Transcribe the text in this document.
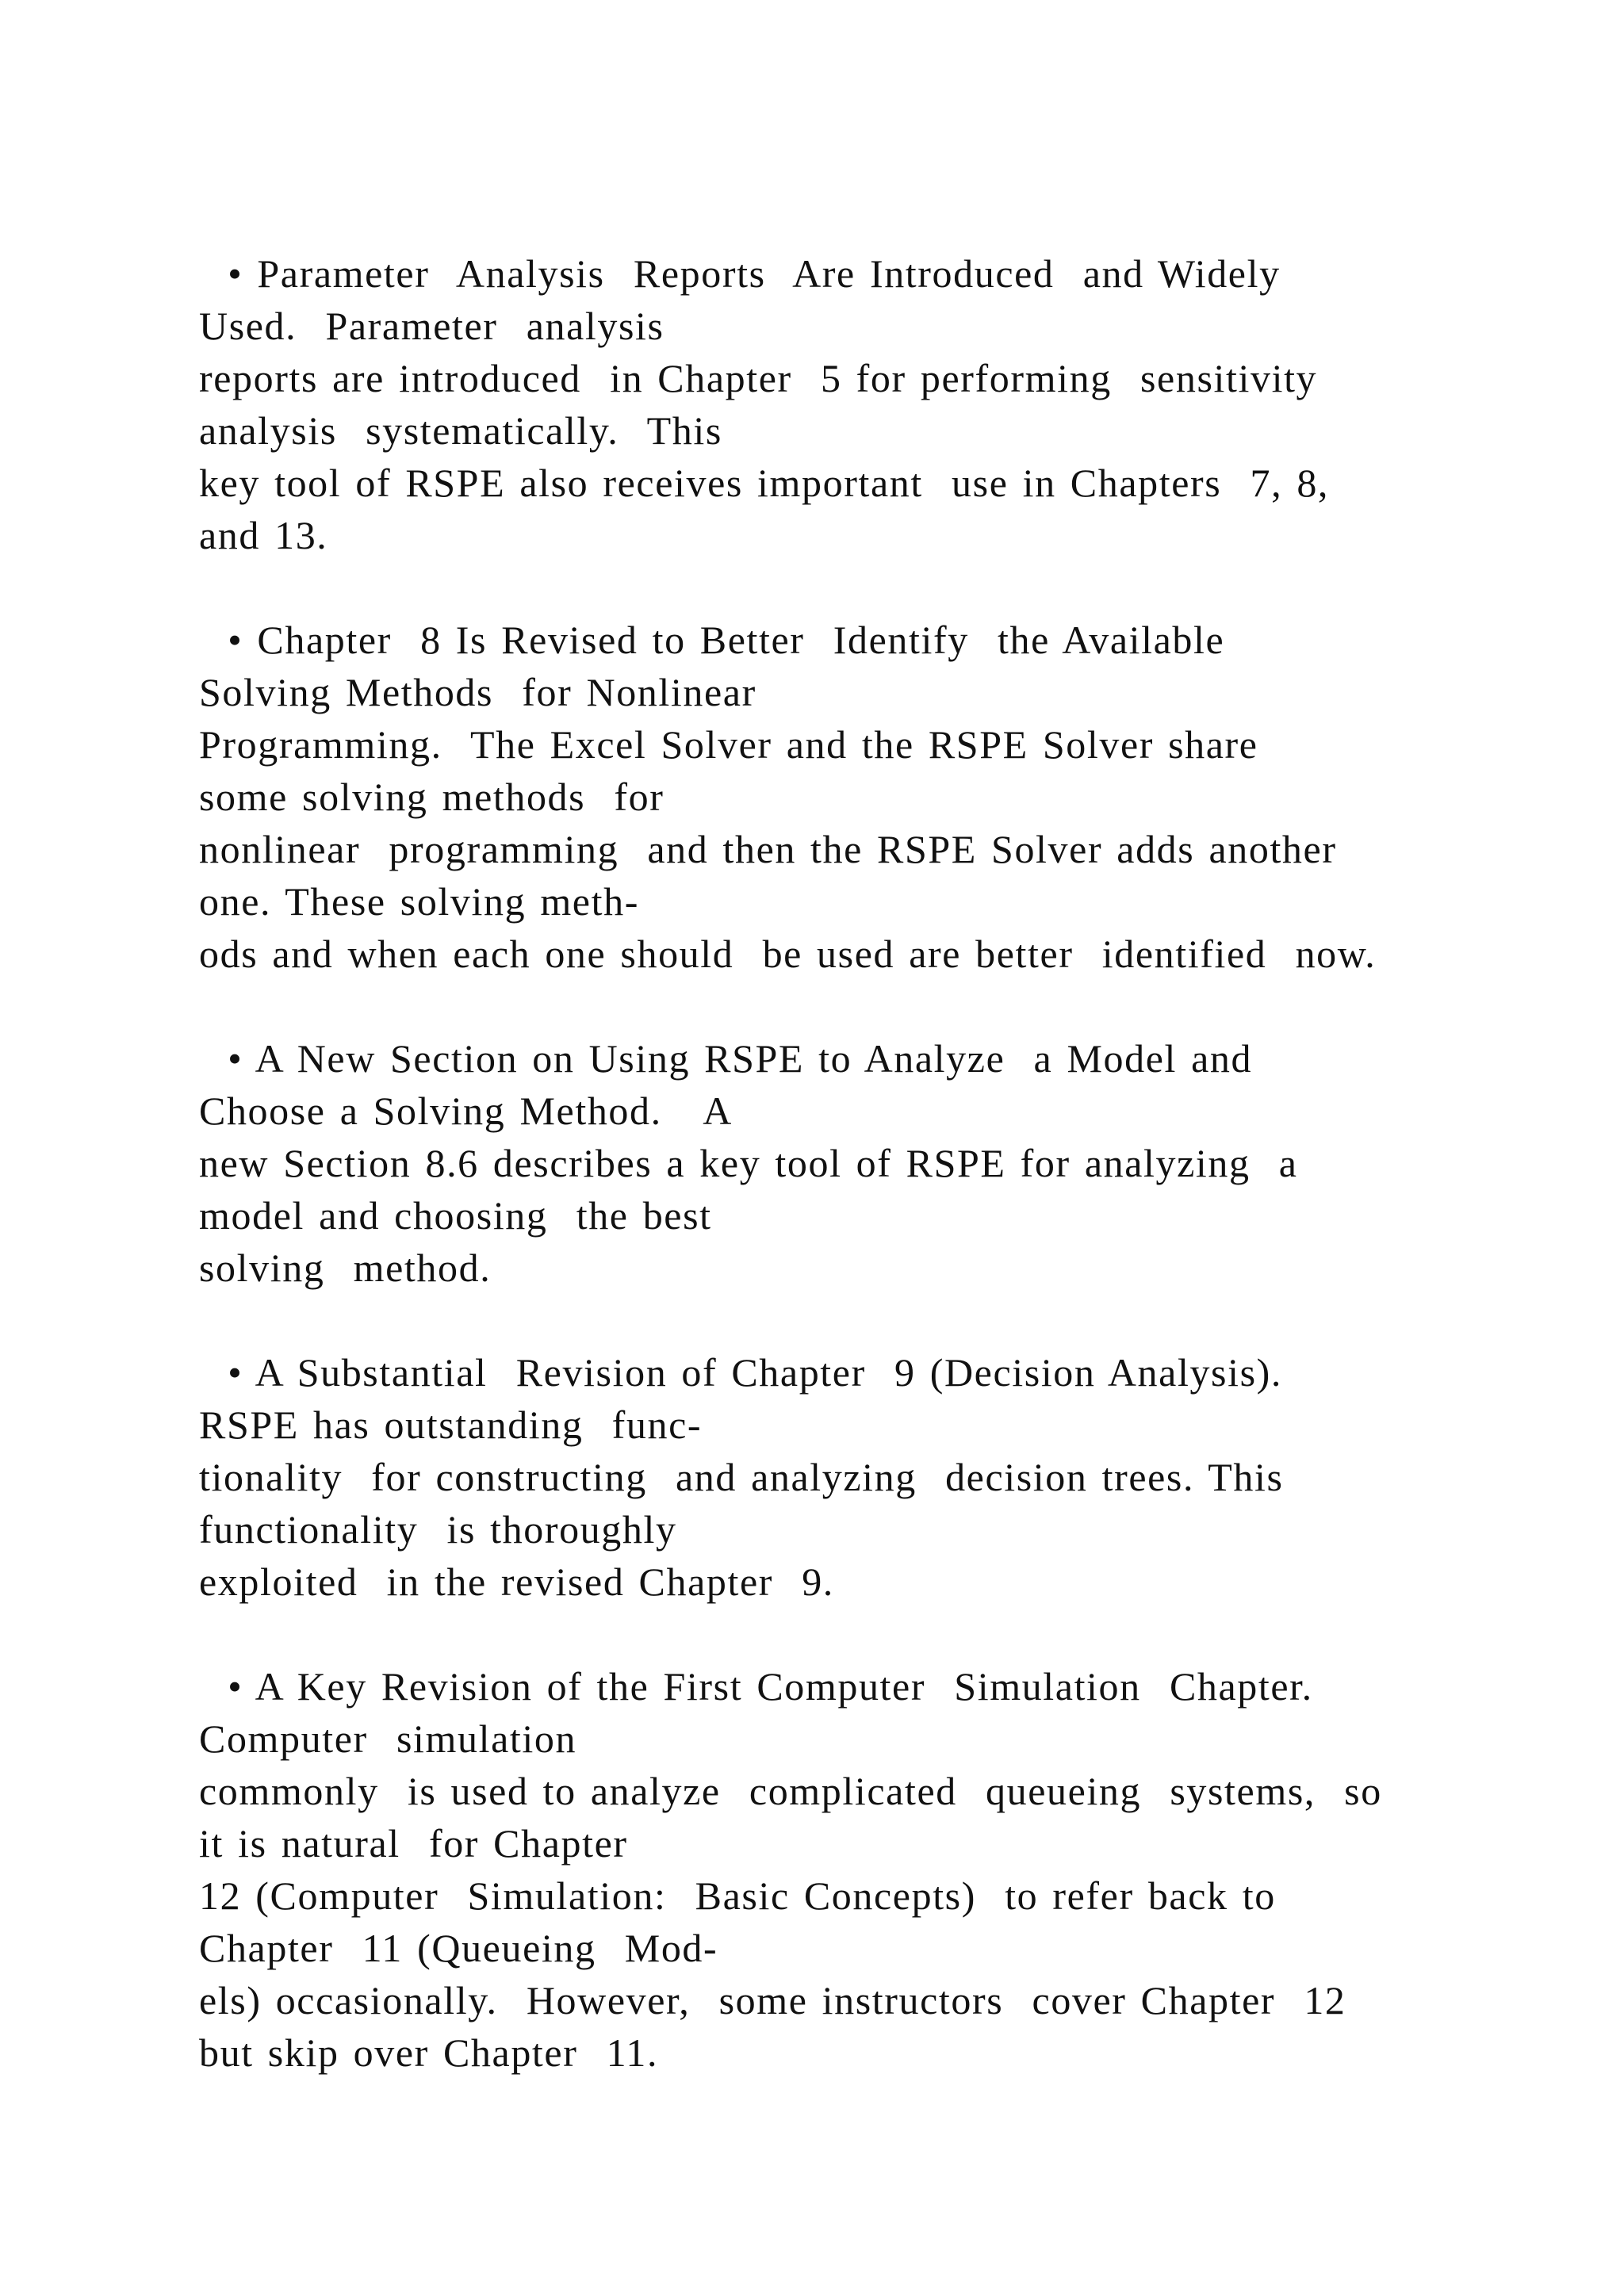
• Parameter  Analysis  Reports  Are Introduced  and Widely
Used.  Parameter  analysis
reports are introduced  in Chapter  5 for performing  sensitivity
analysis  systematically.  This
key tool of RSPE also receives important  use in Chapters  7, 8,
and 13.
• Chapter  8 Is Revised to Better  Identify  the Available
Solving Methods  for Nonlinear
Programming.  The Excel Solver and the RSPE Solver share
some solving methods  for
nonlinear  programming  and then the RSPE Solver adds another
one. These solving meth-
ods and when each one should  be used are better  identified  now.
• A New Section on Using RSPE to Analyze  a Model and
Choose a Solving Method.   A
new Section 8.6 describes a key tool of RSPE for analyzing  a
model and choosing  the best
solving  method.
• A Substantial  Revision of Chapter  9 (Decision Analysis).
RSPE has outstanding  func-
tionality  for constructing  and analyzing  decision trees. This
functionality  is thoroughly
exploited  in the revised Chapter  9.
• A Key Revision of the First Computer  Simulation  Chapter.
Computer  simulation
commonly  is used to analyze  complicated  queueing  systems,  so
it is natural  for Chapter
12 (Computer  Simulation:  Basic Concepts)  to refer back to
Chapter  11 (Queueing  Mod-
els) occasionally.  However,  some instructors  cover Chapter  12
but skip over Chapter  11.
